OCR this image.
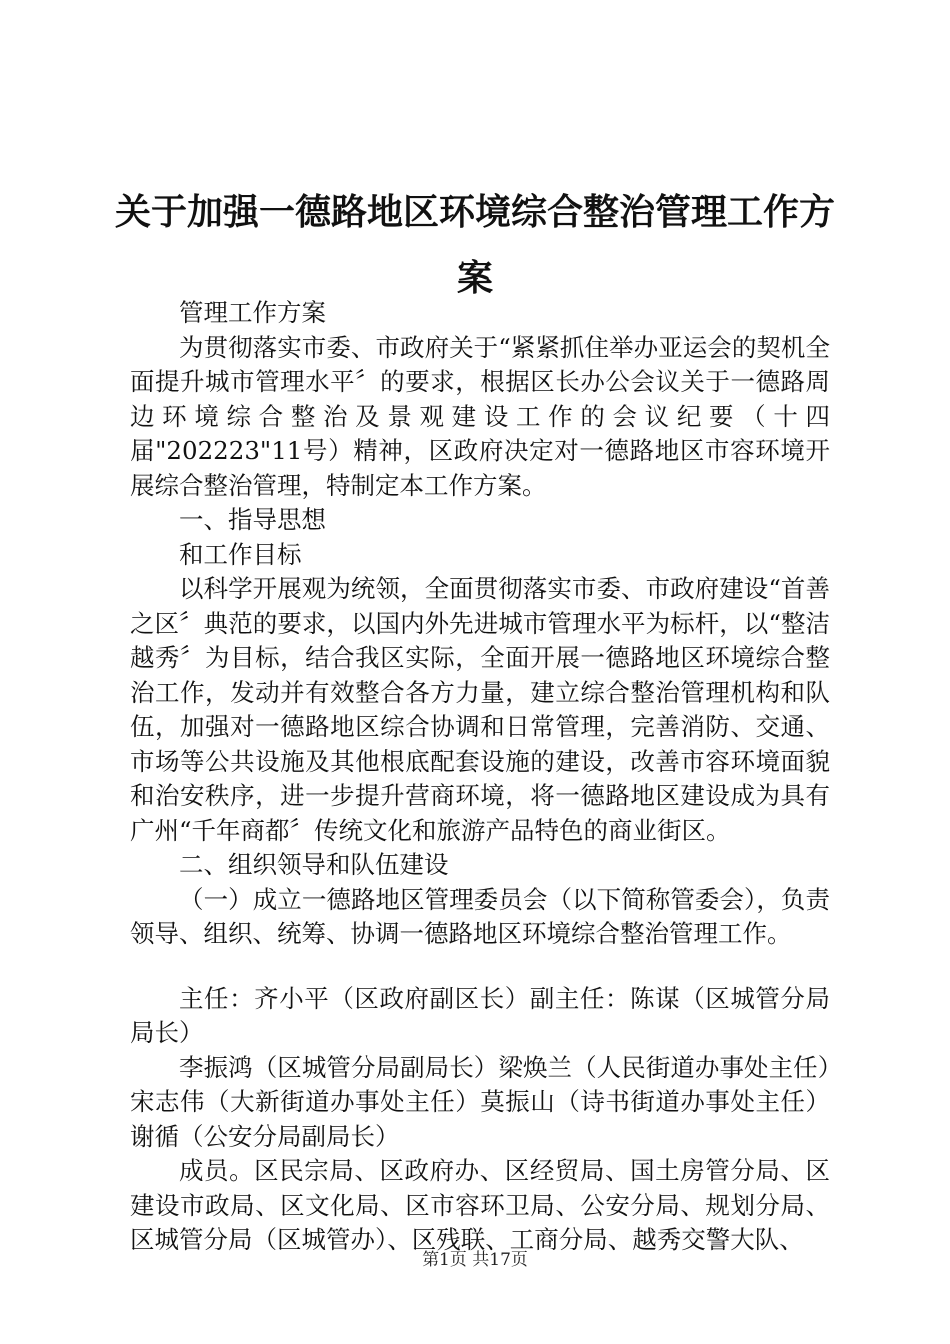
关于加强一德路地区环境综合整治管理工作方案

管理工作方案

为贯彻落实市委、市政府关于“紧紧抓住举办亚运会的契机全面提升城市管理水平〞的要求，根据区长办公会议关于一德路周边环境综合整治及景观建设工作的会议纪要（十四届"202223"11号）精神，区政府决定对一德路地区市容环境开展综合整治管理，特制定本工作方案。

一、指导思想

和工作目标

以科学开展观为统领，全面贯彻落实市委、市政府建设“首善之区〞典范的要求，以国内外先进城市管理水平为标杆，以“整洁越秀〞为目标，结合我区实际，全面开展一德路地区环境综合整治工作，发动并有效整合各方力量，建立综合整治管理机构和队伍，加强对一德路地区综合协调和日常管理，完善消防、交通、市场等公共设施及其他根底配套设施的建设，改善市容环境面貌和治安秩序，进一步提升营商环境，将一德路地区建设成为具有广州“千年商都〞传统文化和旅游产品特色的商业街区。

二、组织领导和队伍建设

（一）成立一德路地区管理委员会（以下简称管委会），负责领导、组织、统筹、协调一德路地区环境综合整治管理工作。

主任：齐小平（区政府副区长）副主任：陈谋（区城管分局局长）

李振鸿（区城管分局副局长）梁焕兰（人民街道办事处主任）宋志伟（大新街道办事处主任）莫振山（诗书街道办事处主任）谢循（公安分局副局长）

成员。区民宗局、区政府办、区经贸局、国土房管分局、区建设市政局、区文化局、区市容环卫局、公安分局、规划分局、区城管分局（区城管办）、区残联、工商分局、越秀交警大队、

第1页 共17页
